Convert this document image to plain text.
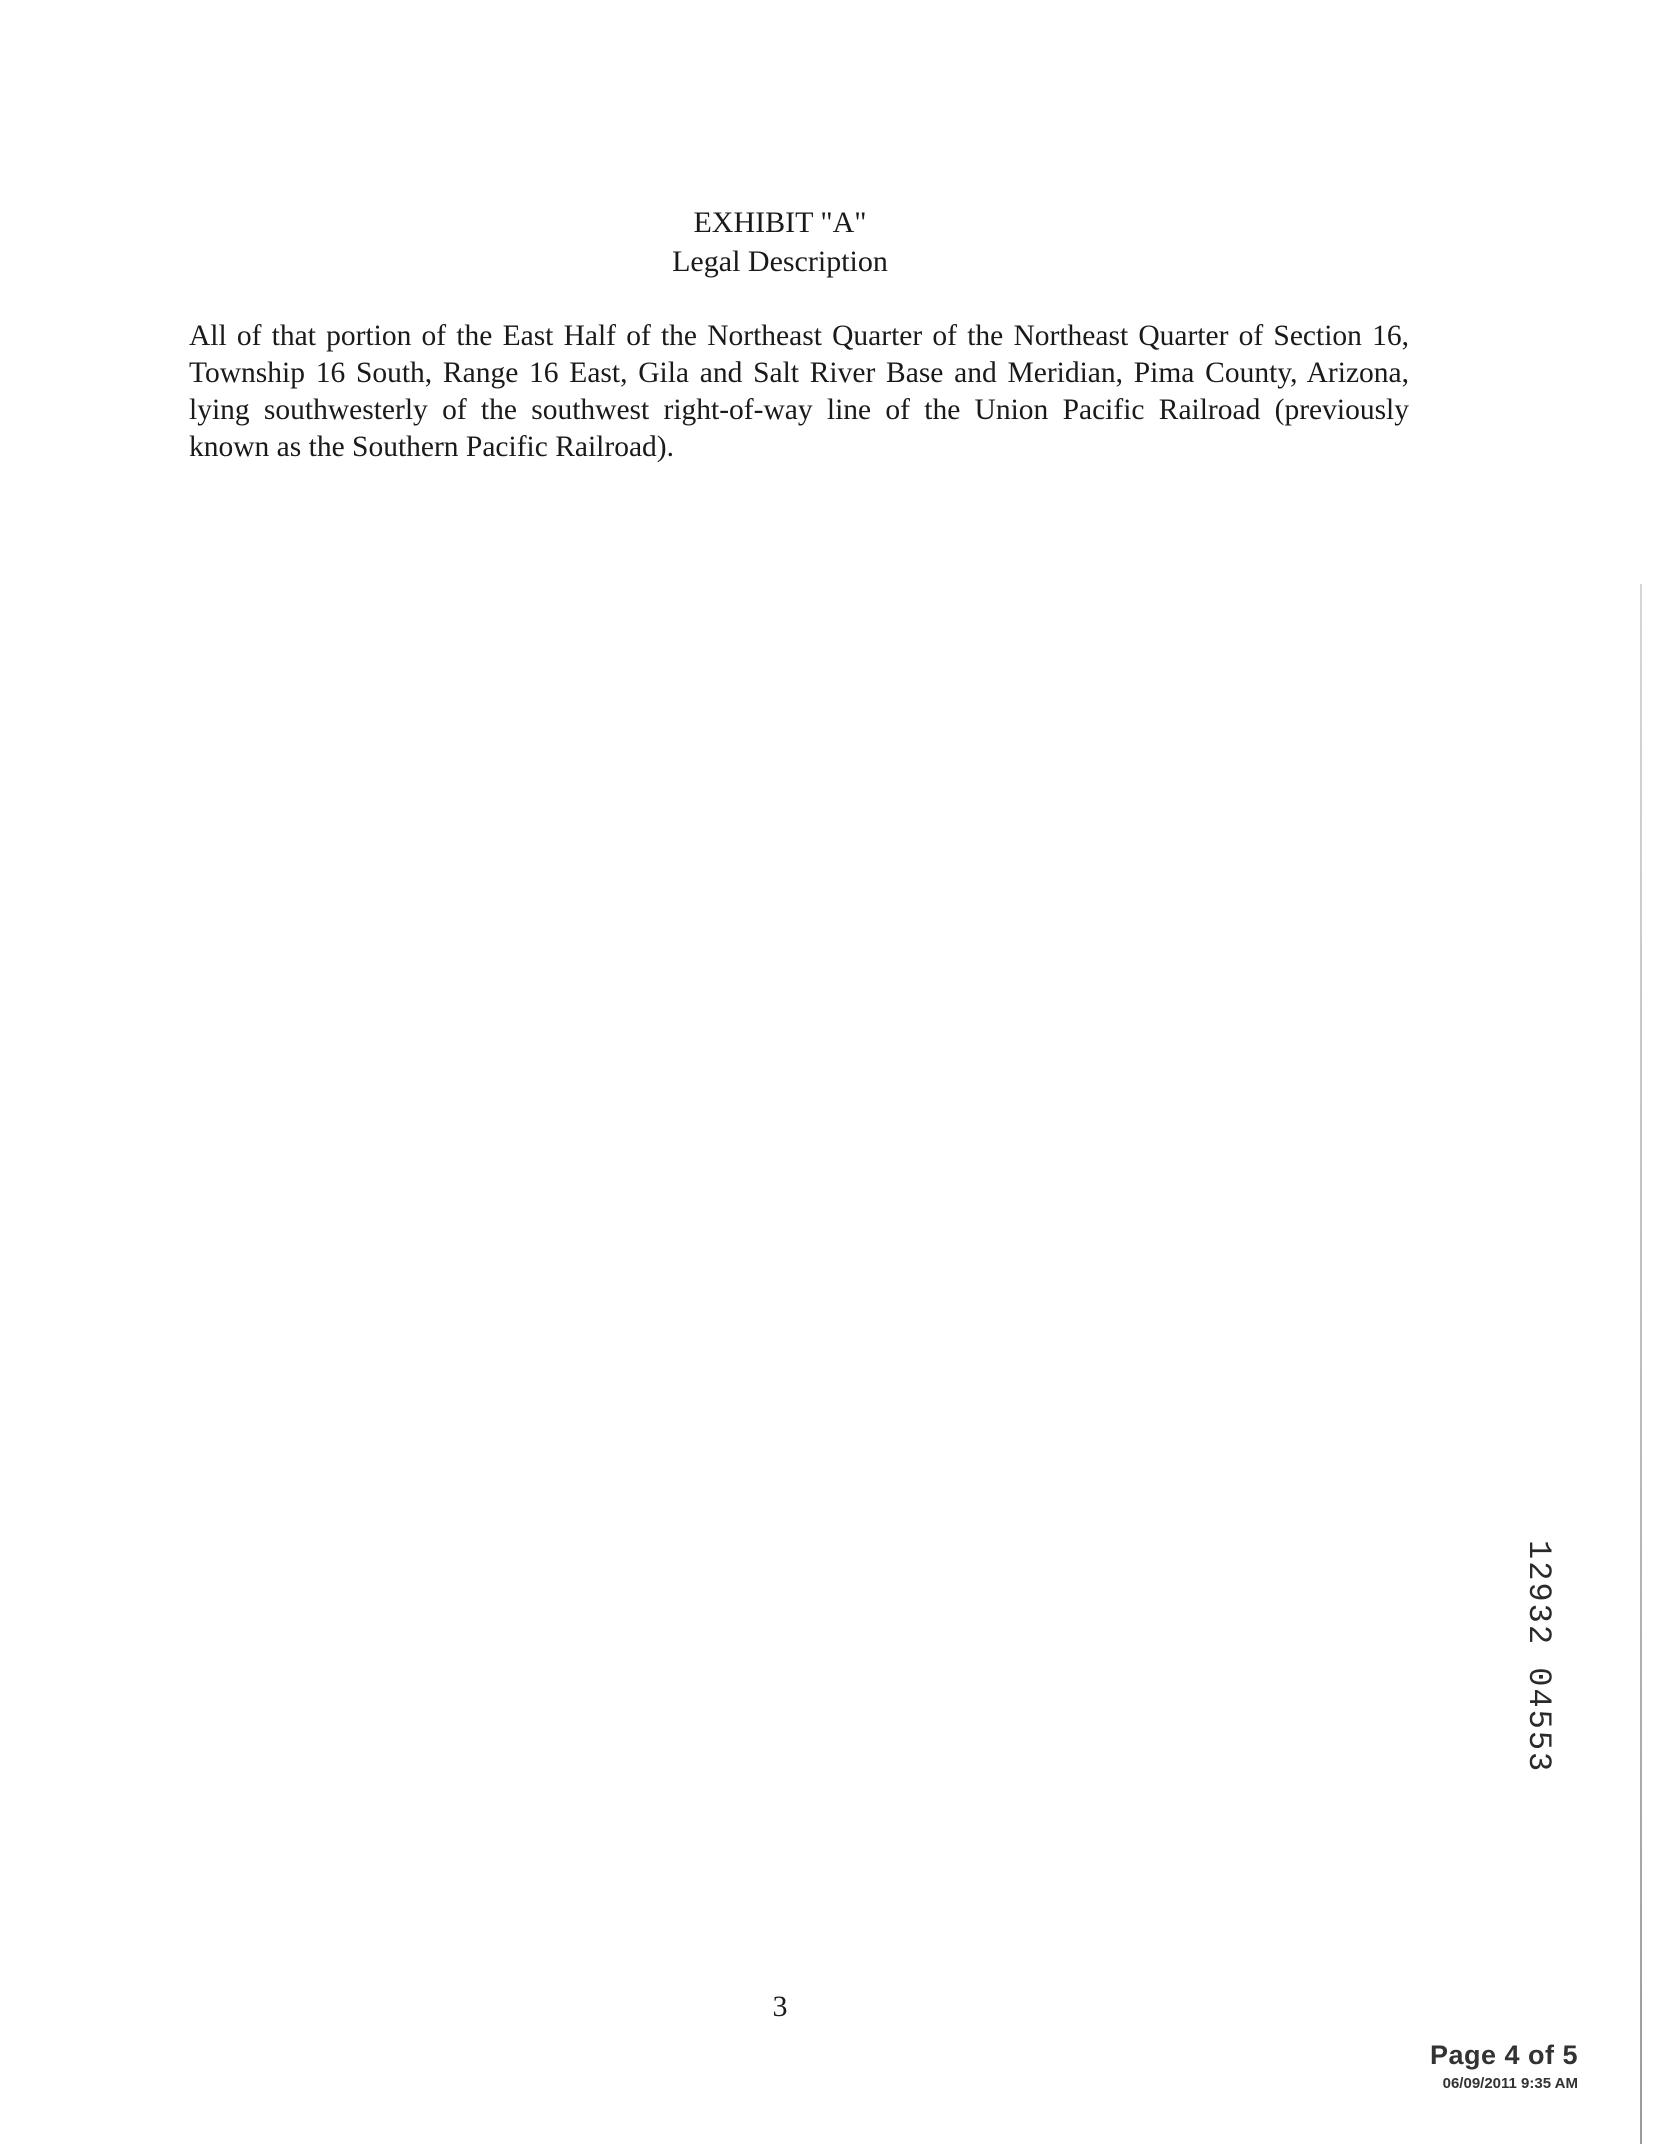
EXHIBIT "A"
Legal Description
All of that portion of the East Half of the Northeast Quarter of the Northeast Quarter of Section 16, Township 16 South, Range 16 East, Gila and Salt River Base and Meridian, Pima County, Arizona, lying southwesterly of the southwest right-of-way line of the Union Pacific Railroad (previously known as the Southern Pacific Railroad).
12932 04553
3
Page 4 of 5
06/09/2011 9:35 AM
